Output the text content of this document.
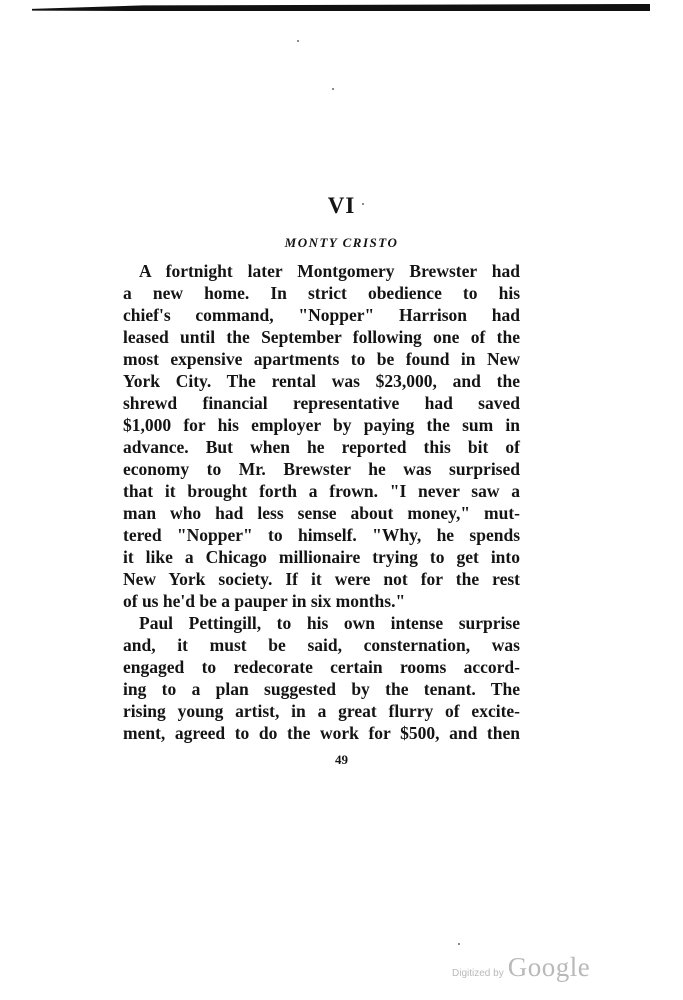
VI
MONTY CRISTO
A fortnight later Montgomery Brewster had
a new home. In strict obedience to his
chief's command, "Nopper" Harrison had
leased until the September following one of the
most expensive apartments to be found in New
York City. The rental was $23,000, and the
shrewd financial representative had saved
$1,000 for his employer by paying the sum in
advance. But when he reported this bit of
economy to Mr. Brewster he was surprised
that it brought forth a frown. "I never saw a
man who had less sense about money," mut-
tered "Nopper" to himself. "Why, he spends
it like a Chicago millionaire trying to get into
New York society. If it were not for the rest
of us he'd be a pauper in six months."
Paul Pettingill, to his own intense surprise
and, it must be said, consternation, was
engaged to redecorate certain rooms accord-
ing to a plan suggested by the tenant. The
rising young artist, in a great flurry of excite-
ment, agreed to do the work for $500, and then
49
Digitized by Google
